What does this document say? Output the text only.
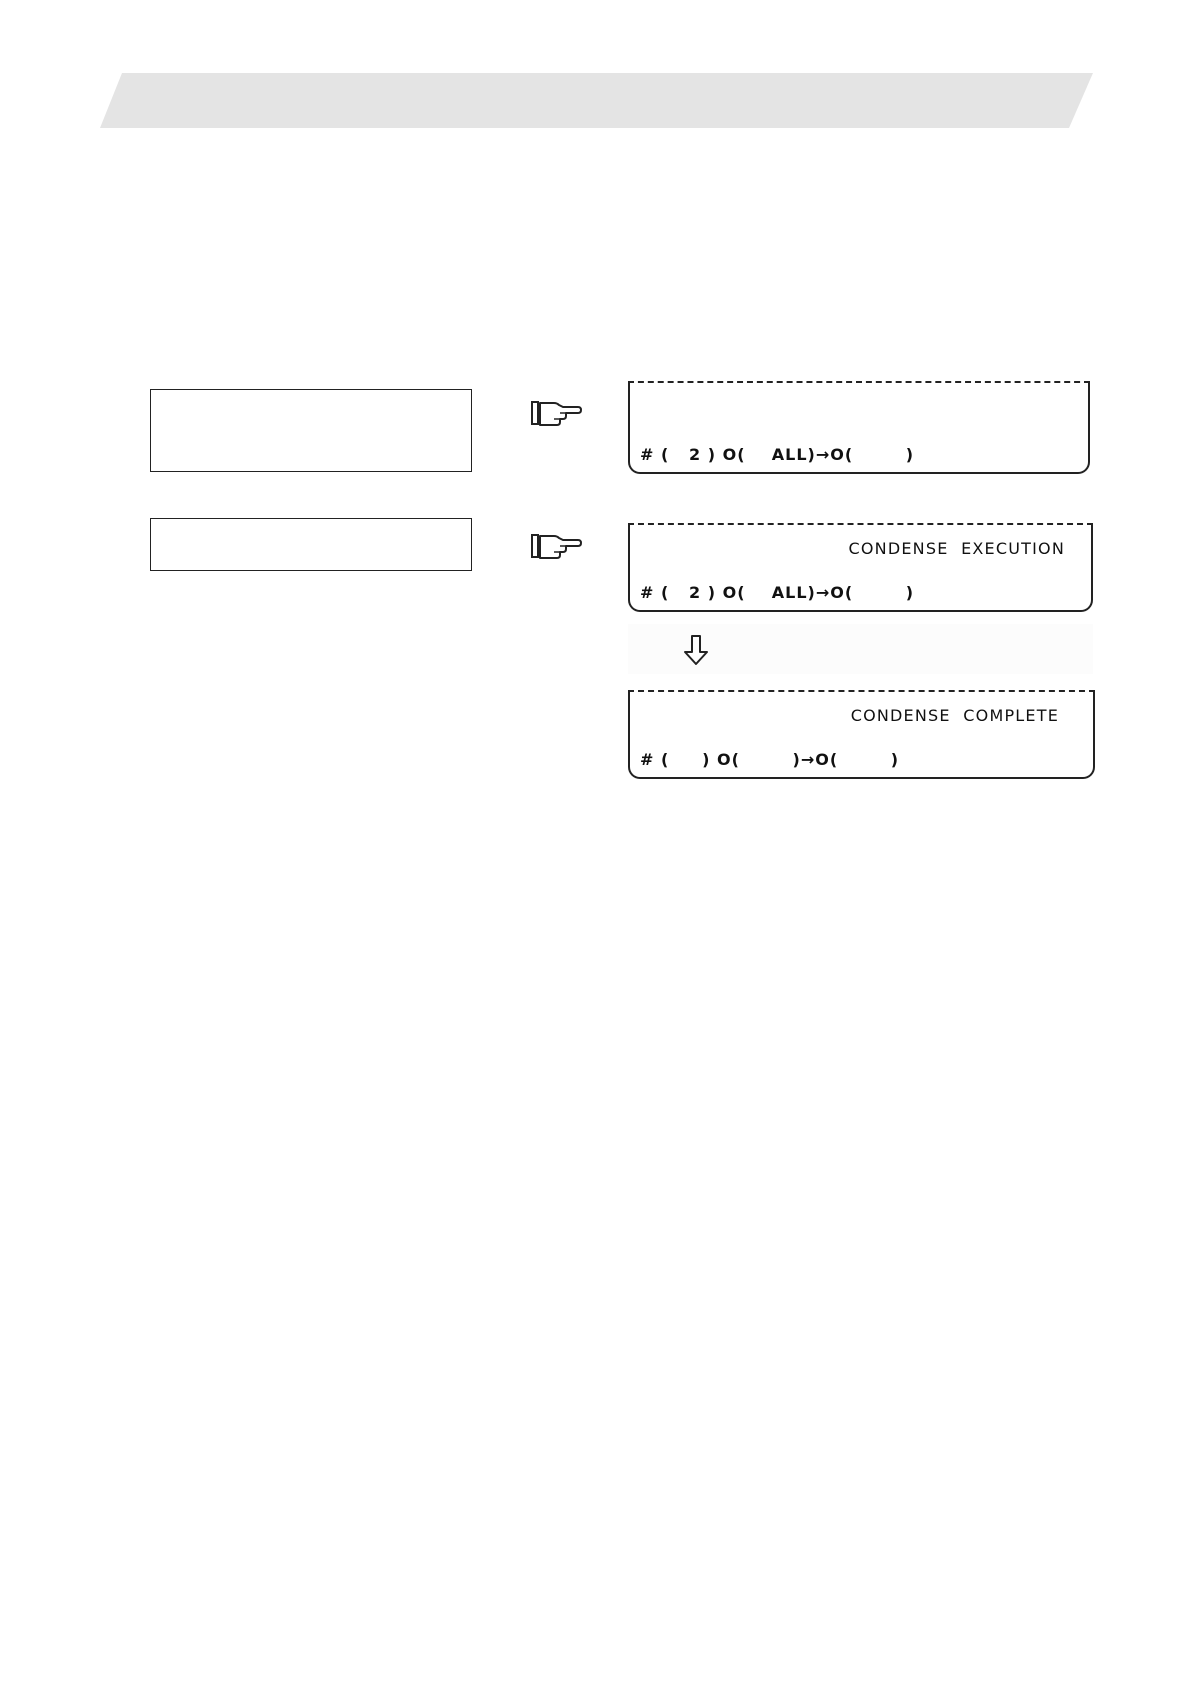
# (   2 ) O(    ALL)→O(        )
CONDENSE  EXECUTION
# (   2 ) O(    ALL)→O(        )
CONDENSE  COMPLETE
# (     ) O(        )→O(        )
